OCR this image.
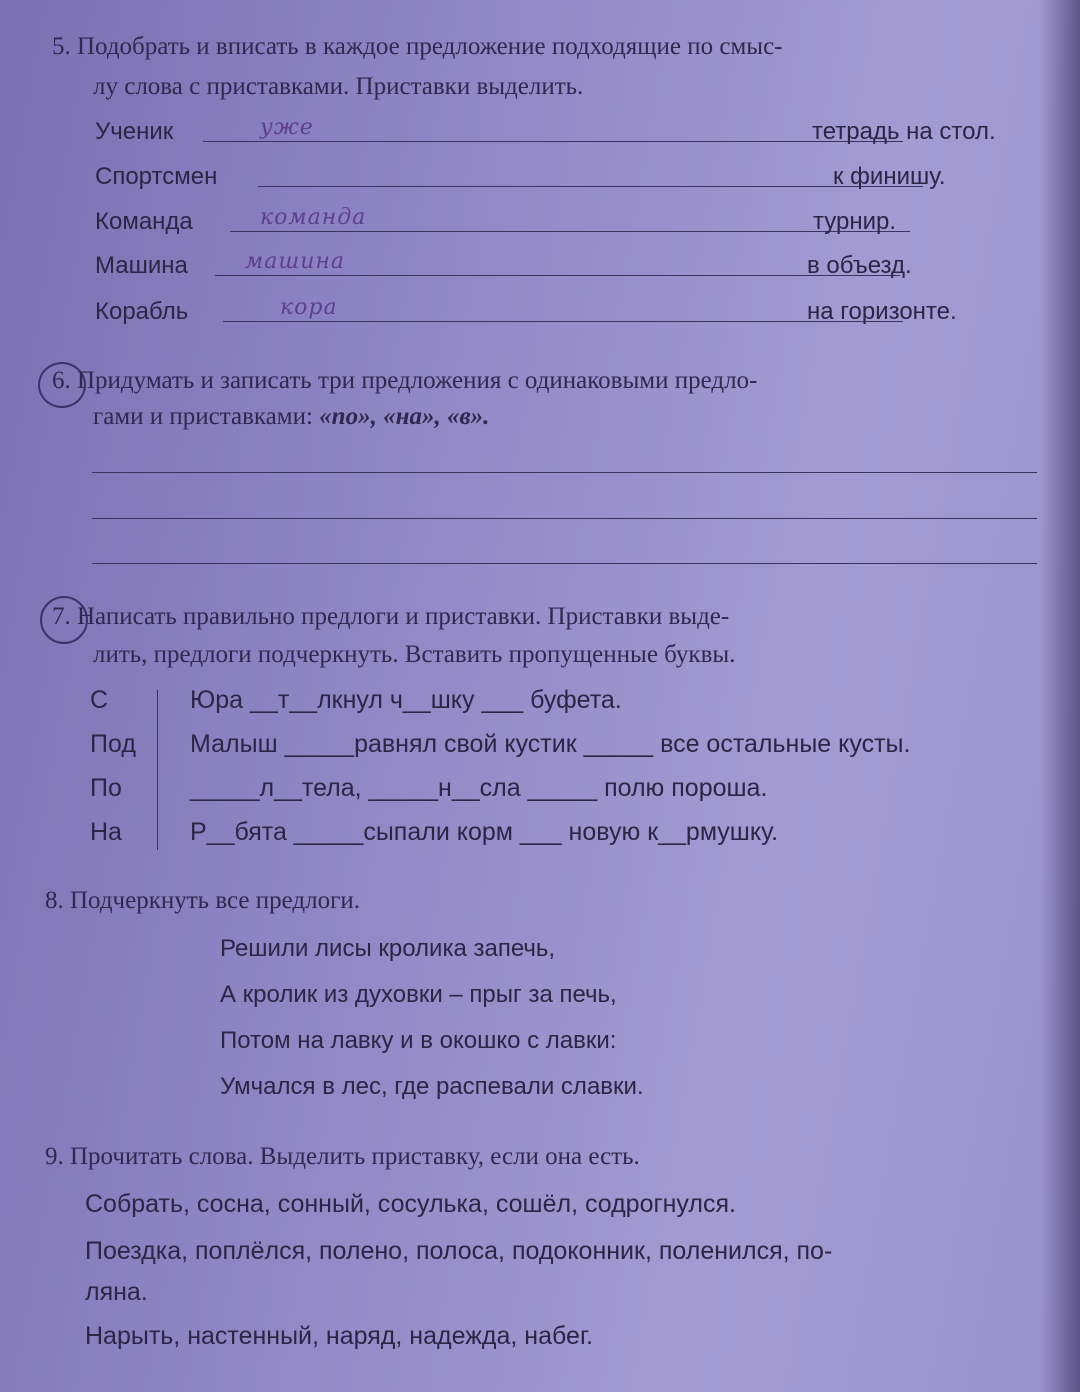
5. Подобрать и вписать в каждое предложение подходящие по смыс-
лу слова с приставками. Приставки выделить.
Ученик	уже	тетрадь на стол.
Спортсмен	к финишу.
Команда	команда	турнир.
Машина	машина	в объезд.
Корабль	кора	на горизонте.
6. Придумать и записать три предложения с одинаковыми предло-
гами и приставками: «по», «на», «в».
7. Написать правильно предлоги и приставки. Приставки выде-
лить, предлоги подчеркнуть. Вставить пропущенные буквы.
С	Юра __т__лкнул ч__шку ___ буфета.
Под Малыш _____равнял свой кустик _____ все остальные кусты.
По	_____л__тела, _____н__сла _____ полю пороша.
На	Р__бята _____сыпали корм ___ новую к__рмушку.
8. Подчеркнуть все предлоги.
Решили лисы кролика запечь,
А кролик из духовки – прыг за печь,
Потом на лавку и в окошко с лавки:
Умчался в лес, где распевали славки.
9. Прочитать слова. Выделить приставку, если она есть.
Собрать, сосна, сонный, сосулька, сошёл, содрогнулся.
Поездка, поплёлся, полено, полоса, подоконник, поленился, по-
ляна.
Нарыть, настенный, наряд, надежда, набег.
